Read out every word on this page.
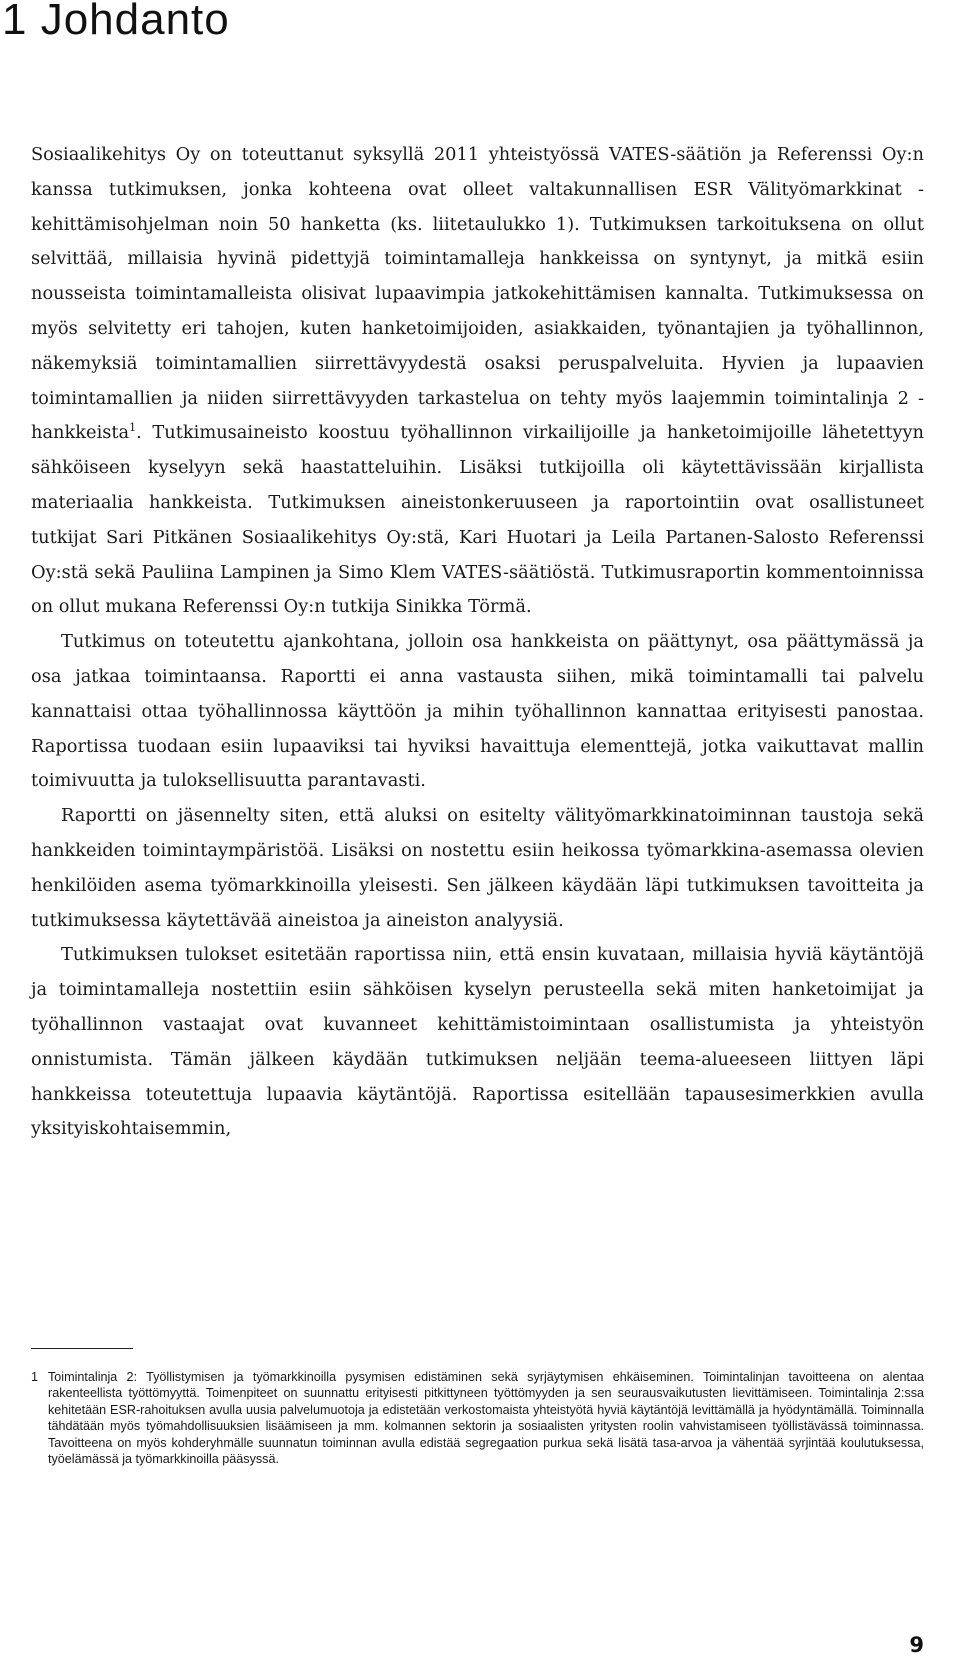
1 Johdanto

Sosiaalikehitys Oy on toteuttanut syksyllä 2011 yhteistyössä VATES-säätiön ja Referenssi Oy:n kanssa tutkimuksen, jonka kohteena ovat olleet valtakunnallisen ESR Välityömarkkinat -kehittämisohjelman noin 50 hanketta (ks. liitetaulukko 1). Tutkimuksen tarkoituksena on ollut selvittää, millaisia hyvinä pidettyjä toimintamalleja hankkeissa on syntynyt, ja mitkä esiin nousseista toimintamalleista olisivat lupaavimpia jatkokehittämisen kannalta. Tutkimuksessa on myös selvitetty eri tahojen, kuten hanketoimijoiden, asiakkaiden, työnantajien ja työhallinnon, näkemyksiä toimintamallien siirrettävyydestä osaksi peruspalveluita. Hyvien ja lupaavien toimintamallien ja niiden siirrettävyyden tarkastelua on tehty myös laajemmin toimintalinja 2 -hankkeista$^1$. Tutkimusaineisto koostuu työhallinnon virkailijoille ja hanketoimijoille lähetettyyn sähköiseen kyselyyn sekä haastatteluihin. Lisäksi tutkijoilla oli käytettävissään kirjallista materiaalia hankkeista. Tutkimuksen aineistonkeruuseen ja raportointiin ovat osallistuneet tutkijat Sari Pitkänen Sosiaalikehitys Oy:stä, Kari Huotari ja Leila Partanen-Salosto Referenssi Oy:stä sekä Pauliina Lampinen ja Simo Klem VATES-säätiöstä. Tutkimusraportin kommentoinnissa on ollut mukana Referenssi Oy:n tutkija Sinikka Törmä.

Tutkimus on toteutettu ajankohtana, jolloin osa hankkeista on päättynyt, osa päättymässä ja osa jatkaa toimintaansa. Raportti ei anna vastausta siihen, mikä toimintamalli tai palvelu kannattaisi ottaa työhallinnossa käyttöön ja mihin työhallinnon kannattaa erityisesti panostaa. Raportissa tuodaan esiin lupaaviksi tai hyviksi havaittuja elementtejä, jotka vaikuttavat mallin toimivuutta ja tuloksellisuutta parantavasti.

Raportti on jäsennelty siten, että aluksi on esitelty välityömarkkinatoiminnan taustoja sekä hankkeiden toimintaympäristöä. Lisäksi on nostettu esiin heikossa työmarkkina-asemassa olevien henkilöiden asema työmarkkinoilla yleisesti. Sen jälkeen käydään läpi tutkimuksen tavoitteita ja tutkimuksessa käytettävää aineistoa ja aineiston analyysiä.

Tutkimuksen tulokset esitetään raportissa niin, että ensin kuvataan, millaisia hyviä käytäntöjä ja toimintamalleja nostettiin esiin sähköisen kyselyn perusteella sekä miten hanketoimijat ja työhallinnon vastaajat ovat kuvanneet kehittämistoimintaan osallistumista ja yhteistyön onnistumista. Tämän jälkeen käydään tutkimuksen neljään teema-alueeseen liittyen läpi hankkeissa toteutettuja lupaavia käytäntöjä. Raportissa esitellään tapausesimerkkien avulla yksityiskohtaisemmin,

1 Toimintalinja 2: Työllistymisen ja työmarkkinoilla pysymisen edistäminen sekä syrjäytymisen ehkäiseminen. Toimintalinjan tavoitteena on alentaa rakenteellista työttömyyttä. Toimenpiteet on suunnattu erityisesti pitkittyneen työttömyyden ja sen seurausvaikutusten lievittämiseen. Toimintalinja 2:ssa kehitetään ESR-rahoituksen avulla uusia palvelumuotoja ja edistetään verkostomaista yhteistyötä hyviä käytäntöjä levittämällä ja hyödyntämällä. Toiminnalla tähdätään myös työmahdollisuuksien lisäämiseen ja mm. kolmannen sektorin ja sosiaalisten yritysten roolin vahvistamiseen työllistävässä toiminnassa. Tavoitteena on myös kohderyhmälle suunnatun toiminnan avulla edistää segregaation purkua sekä lisätä tasa-arvoa ja vähentää syrjintää koulutuksessa, työelämässä ja työmarkkinoilla pääsyssä.
9
